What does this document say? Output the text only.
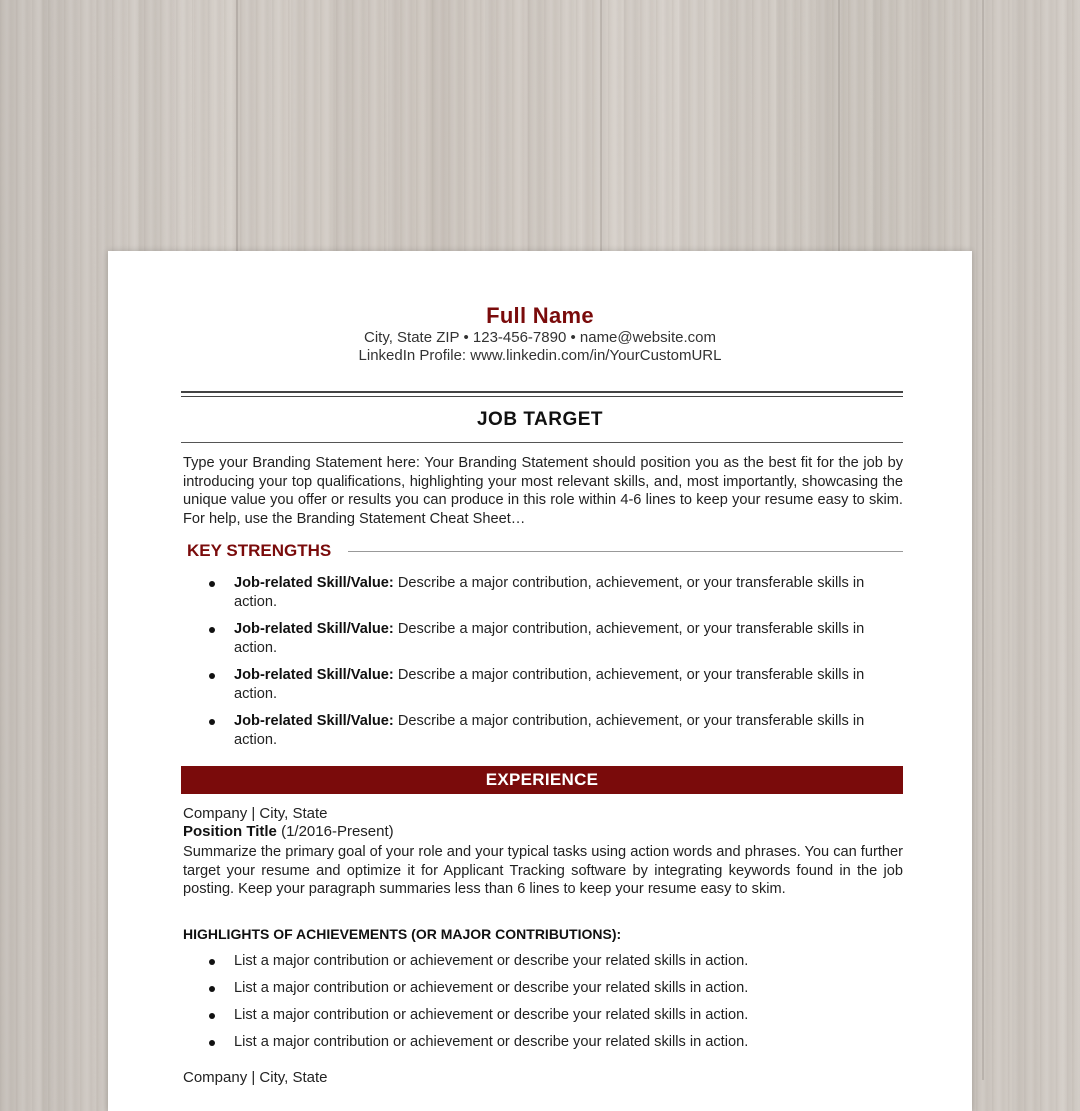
Full Name
City, State ZIP • 123-456-7890 • name@website.com
LinkedIn Profile: www.linkedin.com/in/YourCustomURL
JOB TARGET
Type your Branding Statement here: Your Branding Statement should position you as the best fit for the job by introducing your top qualifications, highlighting your most relevant skills, and, most importantly, showcasing the unique value you offer or results you can produce in this role within 4-6 lines to keep your resume easy to skim. For help, use the Branding Statement Cheat Sheet…
KEY STRENGTHS
Job-related Skill/Value: Describe a major contribution, achievement, or your transferable skills in action.
Job-related Skill/Value: Describe a major contribution, achievement, or your transferable skills in action.
Job-related Skill/Value: Describe a major contribution, achievement, or your transferable skills in action.
Job-related Skill/Value: Describe a major contribution, achievement, or your transferable skills in action.
EXPERIENCE
Company | City, State
Position Title (1/2016-Present)
Summarize the primary goal of your role and your typical tasks using action words and phrases. You can further target your resume and optimize it for Applicant Tracking software by integrating keywords found in the job posting. Keep your paragraph summaries less than 6 lines to keep your resume easy to skim.
HIGHLIGHTS OF ACHIEVEMENTS (OR MAJOR CONTRIBUTIONS):
List a major contribution or achievement or describe your related skills in action.
List a major contribution or achievement or describe your related skills in action.
List a major contribution or achievement or describe your related skills in action.
List a major contribution or achievement or describe your related skills in action.
Company | City, State
